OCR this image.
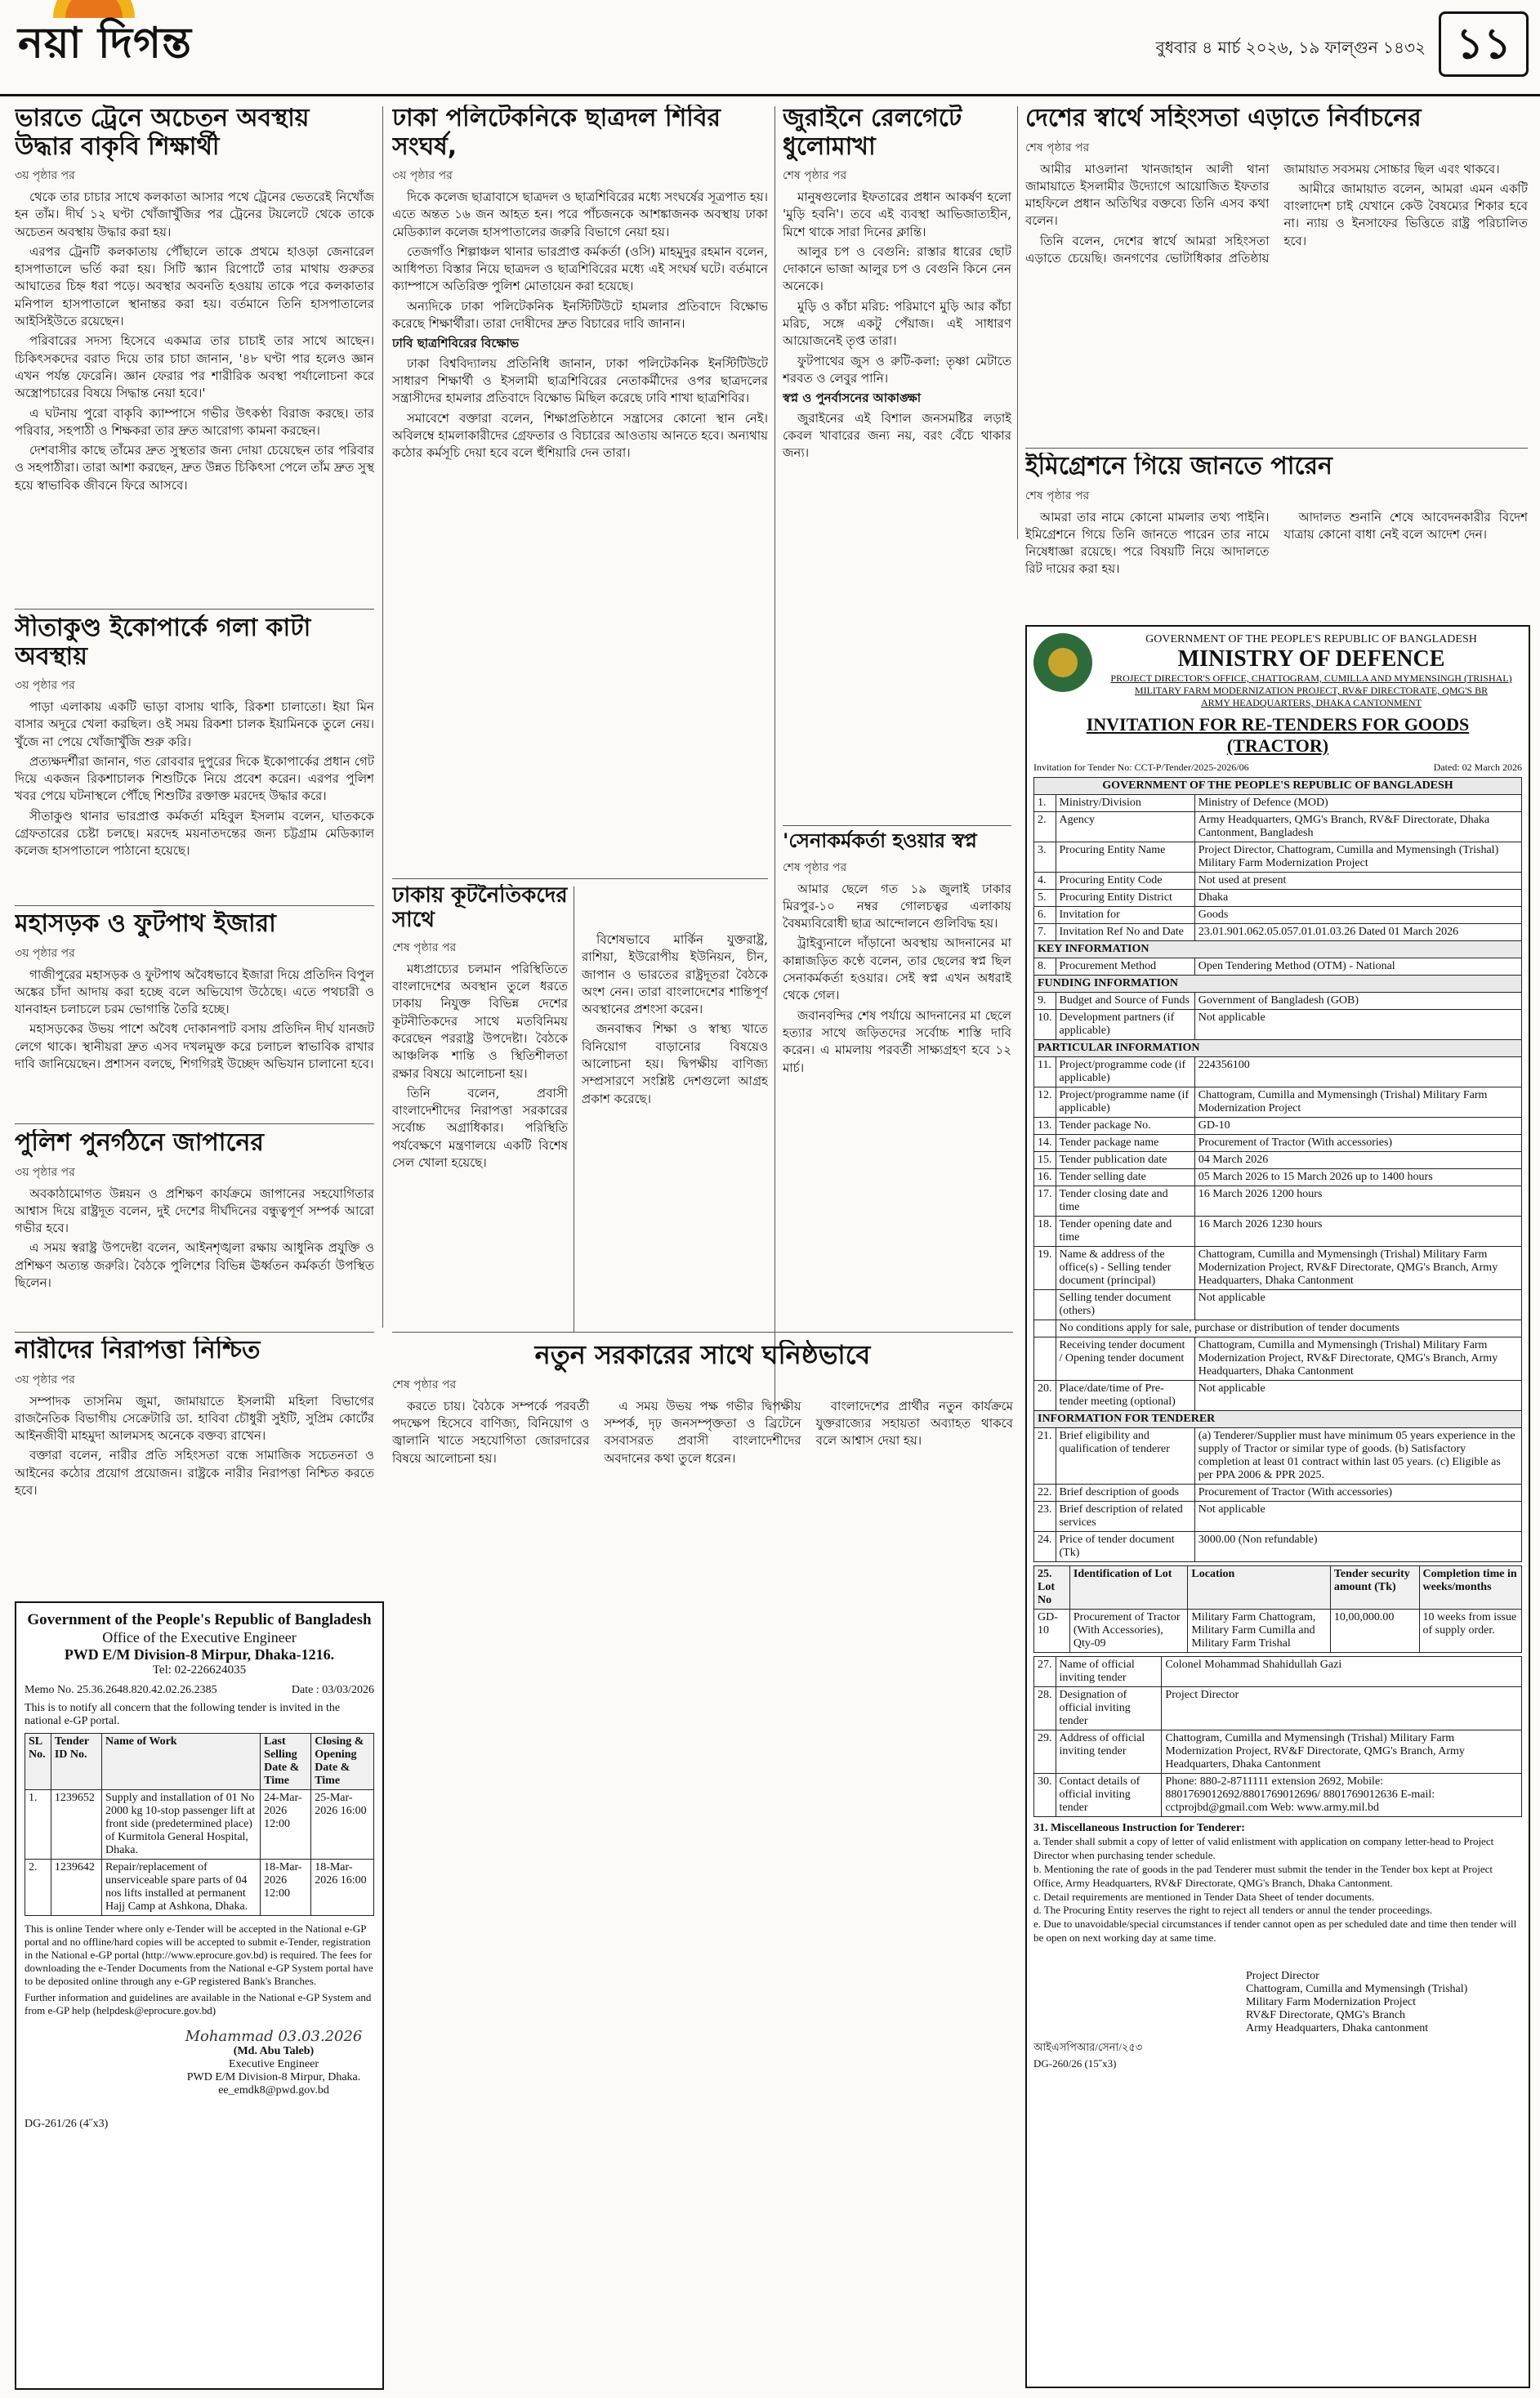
নয়া দিগন্ত	বুধবার ৪ মার্চ ২০২৬, ১৯ ফাল্গুন ১৪৩২ ১১
ভারতে ট্রেনে অচেতন অবস্থায় উদ্ধার বাকৃবি শিক্ষার্থী
৩য় পৃষ্ঠার পর

থেকে তার চাচার সাথে কলকাতা আসার পথে ট্রেনের ভেতরেই নিখোঁজ হন তাঁম। দীর্ঘ ১২ ঘণ্টা খোঁজাখুঁজির পর ট্রেনের টয়লেটে থেকে তাকে অচেতন অবস্থায় উদ্ধার করা হয়।

এরপর ট্রেনটি কলকাতায় পৌঁছালে তাকে প্রথমে হাওড়া জেনারেল হাসপাতালে ভর্তি করা হয়। সিটি স্ক্যান রিপোর্টে তার মাথায় গুরুতর আঘাতের চিহ্ন ধরা পড়ে। অবস্থার অবনতি হওয়ায় তাকে পরে কলকাতার মনিপাল হাসপাতালে স্থানান্তর করা হয়। বর্তমানে তিনি হাসপাতালের আইসিইউতে রয়েছেন।

পরিবারের সদস্য হিসেবে একমাত্র তার চাচাই তার সাথে আছেন। চিকিৎসকদের বরাত দিয়ে তার চাচা জানান, '৪৮ ঘণ্টা পার হলেও জ্ঞান এখন পর্যন্ত ফেরেনি। জ্ঞান ফেরার পর শারীরিক অবস্থা পর্যালোচনা করে অস্ত্রোপচারের বিষয়ে সিদ্ধান্ত নেয়া হবে।'

এ ঘটনায় পুরো বাকৃবি ক্যাম্পাসে গভীর উৎকণ্ঠা বিরাজ করছে। তার পরিবার, সহপাঠী ও শিক্ষকরা তার দ্রুত আরোগ্য কামনা করছেন।

দেশবাসীর কাছে তাঁমের দ্রুত সুস্থতার জন্য দোয়া চেয়েছেন তার পরিবার ও সহপাঠীরা। তারা আশা করছেন, দ্রুত উন্নত চিকিৎসা পেলে তাঁম দ্রুত সুস্থ হয়ে স্বাভাবিক জীবনে ফিরে আসবে।

সীতাকুণ্ড ইকোপার্কে গলা কাটা অবস্থায়
৩য় পৃষ্ঠার পর

পাড়া এলাকায় একটি ভাড়া বাসায় থাকি, রিকশা চালাতো। ইয়া মিন বাসার অদূরে খেলা করছিল। ওই সময় রিকশা চালক ইয়ামিনকে তুলে নেয়। খুঁজে না পেয়ে খোঁজাখুঁজি শুরু করি।

প্রত্যক্ষদর্শীরা জানান, গত রোববার দুপুরের দিকে ইকোপার্কের প্রধান গেট দিয়ে একজন রিকশাচালক শিশুটিকে নিয়ে প্রবেশ করেন। এরপর পুলিশ খবর পেয়ে ঘটনাস্থলে পৌঁছে শিশুটির রক্তাক্ত মরদেহ উদ্ধার করে।

সীতাকুণ্ড থানার ভারপ্রাপ্ত কর্মকর্তা মহিবুল ইসলাম বলেন, ঘাতককে গ্রেফতারের চেষ্টা চলছে। মরদেহ ময়নাতদন্তের জন্য চট্টগ্রাম মেডিক্যাল কলেজ হাসপাতালে পাঠানো হয়েছে।

মহাসড়ক ও ফুটপাথ ইজারা
৩য় পৃষ্ঠার পর

গাজীপুরের মহাসড়ক ও ফুটপাথ অবৈধভাবে ইজারা দিয়ে প্রতিদিন বিপুল অঙ্কের চাঁদা আদায় করা হচ্ছে বলে অভিযোগ উঠেছে। এতে পথচারী ও যানবাহন চলাচলে চরম ভোগান্তি তৈরি হচ্ছে।

মহাসড়কের উভয় পাশে অবৈধ দোকানপাট বসায় প্রতিদিন দীর্ঘ যানজট লেগে থাকে। স্থানীয়রা দ্রুত এসব দখলমুক্ত করে চলাচল স্বাভাবিক রাখার দাবি জানিয়েছেন। প্রশাসন বলছে, শিগগিরই উচ্ছেদ অভিযান চালানো হবে।

পুলিশ পুনর্গঠনে জাপানের
৩য় পৃষ্ঠার পর

অবকাঠামোগত উন্নয়ন ও প্রশিক্ষণ কার্যক্রমে জাপানের সহযোগিতার আশ্বাস দিয়ে রাষ্ট্রদূত বলেন, দুই দেশের দীর্ঘদিনের বন্ধুত্বপূর্ণ সম্পর্ক আরো গভীর হবে।

এ সময় স্বরাষ্ট্র উপদেষ্টা বলেন, আইনশৃঙ্খলা রক্ষায় আধুনিক প্রযুক্তি ও প্রশিক্ষণ অত্যন্ত জরুরি। বৈঠকে পুলিশের বিভিন্ন ঊর্ধ্বতন কর্মকর্তা উপস্থিত ছিলেন।

ঢাকা পলিটেকনিকে ছাত্রদল শিবির সংঘর্ষ,
৩য় পৃষ্ঠার পর

দিকে কলেজ ছাত্রাবাসে ছাত্রদল ও ছাত্রশিবিরের মধ্যে সংঘর্ষের সূত্রপাত হয়। এতে অন্তত ১৬ জন আহত হন। পরে পাঁচজনকে আশঙ্কাজনক অবস্থায় ঢাকা মেডিক্যাল কলেজ হাসপাতালের জরুরি বিভাগে নেয়া হয়।

তেজগাঁও শিল্পাঞ্চল থানার ভারপ্রাপ্ত কর্মকর্তা (ওসি) মাহমুদুর রহমান বলেন, আধিপত্য বিস্তার নিয়ে ছাত্রদল ও ছাত্রশিবিরের মধ্যে এই সংঘর্ষ ঘটে। বর্তমানে ক্যাম্পাসে অতিরিক্ত পুলিশ মোতায়েন করা হয়েছে।

অন্যদিকে ঢাকা পলিটেকনিক ইনস্টিটিউটে হামলার প্রতিবাদে বিক্ষোভ করেছে শিক্ষার্থীরা। তারা দোষীদের দ্রুত বিচারের দাবি জানান।

ঢাবি ছাত্রশিবিরের বিক্ষোভ

ঢাকা বিশ্ববিদ্যালয় প্রতিনিধি জানান, ঢাকা পলিটেকনিক ইনস্টিটিউটে সাধারণ শিক্ষার্থী ও ইসলামী ছাত্রশিবিরের নেতাকর্মীদের ওপর ছাত্রদলের সন্ত্রাসীদের হামলার প্রতিবাদে বিক্ষোভ মিছিল করেছে ঢাবি শাখা ছাত্রশিবির।

সমাবেশে বক্তারা বলেন, শিক্ষাপ্রতিষ্ঠানে সন্ত্রাসের কোনো স্থান নেই। অবিলম্বে হামলাকারীদের গ্রেফতার ও বিচারের আওতায় আনতে হবে। অন্যথায় কঠোর কর্মসূচি দেয়া হবে বলে হুঁশিয়ারি দেন তারা।

ঢাকায় কূটনৈতিকদের সাথে
শেষ পৃষ্ঠার পর

মধ্যপ্রাচ্যের চলমান পরিস্থিতিতে বাংলাদেশের অবস্থান তুলে ধরতে ঢাকায় নিযুক্ত বিভিন্ন দেশের কূটনীতিকদের সাথে মতবিনিময় করেছেন পররাষ্ট্র উপদেষ্টা। বৈঠকে আঞ্চলিক শান্তি ও স্থিতিশীলতা রক্ষার বিষয়ে আলোচনা হয়।

তিনি বলেন, প্রবাসী বাংলাদেশীদের নিরাপত্তা সরকারের সর্বোচ্চ অগ্রাধিকার। পরিস্থিতি পর্যবেক্ষণে মন্ত্রণালয়ে একটি বিশেষ সেল খোলা হয়েছে।

বিশেষভাবে মার্কিন যুক্তরাষ্ট্র, রাশিয়া, ইউরোপীয় ইউনিয়ন, চীন, জাপান ও ভারতের রাষ্ট্রদূতরা বৈঠকে অংশ নেন। তারা বাংলাদেশের শান্তিপূর্ণ অবস্থানের প্রশংসা করেন।

জনবান্ধব শিক্ষা ও স্বাস্থ্য খাতে বিনিয়োগ বাড়ানোর বিষয়েও আলোচনা হয়। দ্বিপক্ষীয় বাণিজ্য সম্প্রসারণে সংশ্লিষ্ট দেশগুলো আগ্রহ প্রকাশ করেছে।

জুরাইনে রেলগেটে ধুলোমাখা
শেষ পৃষ্ঠার পর

মানুষগুলোর ইফতারের প্রধান আকর্ষণ হলো 'মুড়ি হবনি'। তবে এই ব্যবস্থা আভিজাত্যহীন, মিশে থাকে সারা দিনের ক্লান্তি।

আলুর চপ ও বেগুনি: রাস্তার ধারের ছোট দোকানে ভাজা আলুর চপ ও বেগুনি কিনে নেন অনেকে।

মুড়ি ও কাঁচা মরিচ: পরিমাণে মুড়ি আর কাঁচা মরিচ, সঙ্গে একটু পেঁয়াজ। এই সাধারণ আয়োজনেই তৃপ্ত তারা।

ফুটপাথের জুস ও রুটি-কলা: তৃষ্ণা মেটাতে শরবত ও লেবুর পানি।

স্বপ্ন ও পুনর্বাসনের আকাঙ্ক্ষা

জুরাইনের এই বিশাল জনসমষ্টির লড়াই কেবল খাবারের জন্য নয়, বরং বেঁচে থাকার জন্য।

'সেনাকর্মকর্তা হওয়ার স্বপ্ন
শেষ পৃষ্ঠার পর

আমার ছেলে গত ১৯ জুলাই ঢাকার মিরপুর-১০ নম্বর গোলচত্বর এলাকায় বৈষম্যবিরোধী ছাত্র আন্দোলনে গুলিবিদ্ধ হয়।

ট্রাইব্যুনালে দাঁড়ানো অবস্থায় আদনানের মা কান্নাজড়িত কণ্ঠে বলেন, তার ছেলের স্বপ্ন ছিল সেনাকর্মকর্তা হওয়ার। সেই স্বপ্ন এখন অধরাই থেকে গেল।

জবানবন্দির শেষ পর্যায়ে আদনানের মা ছেলে হত্যার সাথে জড়িতদের সর্বোচ্চ শাস্তি দাবি করেন। এ মামলায় পরবর্তী সাক্ষ্যগ্রহণ হবে ১২ মার্চ।

দেশের স্বার্থে সহিংসতা এড়াতে নির্বাচনের
শেষ পৃষ্ঠার পর

আমীর মাওলানা খানজাহান আলী থানা জামায়াতে ইসলামীর উদ্যোগে আয়োজিত ইফতার মাহফিলে প্রধান অতিথির বক্তব্যে তিনি এসব কথা বলেন।

তিনি বলেন, দেশের স্বার্থে আমরা সহিংসতা এড়াতে চেয়েছি। জনগণের ভোটাধিকার প্রতিষ্ঠায় জামায়াত সবসময় সোচ্চার ছিল এবং থাকবে।

আমীরে জামায়াত বলেন, আমরা এমন একটি বাংলাদেশ চাই যেখানে কেউ বৈষম্যের শিকার হবে না। ন্যায় ও ইনসাফের ভিত্তিতে রাষ্ট্র পরিচালিত হবে।

ইমিগ্রেশনে গিয়ে জানতে পারেন
শেষ পৃষ্ঠার পর

আমরা তার নামে কোনো মামলার তথ্য পাইনি। ইমিগ্রেশনে গিয়ে তিনি জানতে পারেন তার নামে নিষেধাজ্ঞা রয়েছে। পরে বিষয়টি নিয়ে আদালতে রিট দায়ের করা হয়।

আদালত শুনানি শেষে আবেদনকারীর বিদেশ যাত্রায় কোনো বাধা নেই বলে আদেশ দেন।

নারীদের নিরাপত্তা নিশ্চিত
৩য় পৃষ্ঠার পর

সম্পাদক তাসনিম জুমা, জামায়াতে ইসলামী মহিলা বিভাগের রাজনৈতিক বিভাগীয় সেক্রেটারি ডা. হাবিবা চৌধুরী সুইটি, সুপ্রিম কোর্টের আইনজীবী মাহমুদা আলমসহ অনেকে বক্তব্য রাখেন।

বক্তারা বলেন, নারীর প্রতি সহিংসতা বন্ধে সামাজিক সচেতনতা ও আইনের কঠোর প্রয়োগ প্রয়োজন। রাষ্ট্রকে নারীর নিরাপত্তা নিশ্চিত করতে হবে।

নতুন সরকারের সাথে ঘনিষ্ঠভাবে
শেষ পৃষ্ঠার পর

করতে চায়। বৈঠকে সম্পর্কে পরবর্তী পদক্ষেপ হিসেবে বাণিজ্য, বিনিয়োগ ও জ্বালানি খাতে সহযোগিতা জোরদারের বিষয়ে আলোচনা হয়।

এ সময় উভয় পক্ষ গভীর দ্বিপক্ষীয় সম্পর্ক, দৃঢ় জনসম্পৃক্ততা ও ব্রিটেনে বসবাসরত প্রবাসী বাংলাদেশীদের অবদানের কথা তুলে ধরেন।

বাংলাদেশের প্রার্থীর নতুন কার্যক্রমে যুক্তরাজ্যের সহায়তা অব্যাহত থাকবে বলে আশ্বাস দেয়া হয়।

Government of the People's Republic of Bangladesh
Office of the Executive Engineer
PWD E/M Division-8 Mirpur, Dhaka-1216.
Tel: 02-226624035
Memo No. 25.36.2648.820.42.02.26.2385	Date : 03/03/2026
This is to notify all concern that the following tender is invited in the national e-GP portal.
SL No.	Tender ID No.	Name of Work	Last Selling Date & Time	Closing & Opening Date & Time
1.	1239652	Supply and installation of 01 No 2000 kg 10-stop passenger lift at front side (predetermined place) of Kurmitola General Hospital, Dhaka.	24-Mar-2026 12:00	25-Mar-2026 16:00
2.	1239642	Repair/replacement of unserviceable spare parts of 04 nos lifts installed at permanent Hajj Camp at Ashkona, Dhaka.	18-Mar-2026 12:00	18-Mar-2026 16:00
This is online Tender where only e-Tender will be accepted in the National e-GP portal and no offline/hard copies will be accepted to submit e-Tender, registration in the National e-GP portal (http://www.eprocure.gov.bd) is required. The fees for downloading the e-Tender Documents from the National e-GP System portal have to be deposited online through any e-GP registered Bank's Branches.
Further information and guidelines are available in the National e-GP System and from e-GP help (helpdesk@eprocure.gov.bd)
Mohammad 03.03.2026
(Md. Abu Taleb)
Executive Engineer
PWD E/M Division-8 Mirpur, Dhaka.
ee_emdk8@pwd.gov.bd
DG-261/26 (4˝x3)
GOVERNMENT OF THE PEOPLE'S REPUBLIC OF BANGLADESH
MINISTRY OF DEFENCE
PROJECT DIRECTOR'S OFFICE, CHATTOGRAM, CUMILLA AND MYMENSINGH (TRISHAL)
MILITARY FARM MODERNIZATION PROJECT, RV&F DIRECTORATE, QMG'S BR
ARMY HEADQUARTERS, DHAKA CANTONMENT
INVITATION FOR RE-TENDERS FOR GOODS (TRACTOR)
Invitation for Tender No: CCT-P/Tender/2025-2026/06	Dated: 02 March 2026
GOVERNMENT OF THE PEOPLE'S REPUBLIC OF BANGLADESH		
1.	Ministry/Division	Ministry of Defence (MOD)
2.	Agency	Army Headquarters, QMG's Branch, RV&F Directorate, Dhaka Cantonment, Bangladesh
3.	Procuring Entity Name	Project Director, Chattogram, Cumilla and Mymensingh (Trishal) Military Farm Modernization Project
4.	Procuring Entity Code	Not used at present
5.	Procuring Entity District	Dhaka
6.	Invitation for	Goods
7.	Invitation Ref No and Date	23.01.901.062.05.057.01.01.03.26 Dated 01 March 2026
KEY INFORMATION		
8.	Procurement Method	Open Tendering Method (OTM) - National
FUNDING INFORMATION		
9.	Budget and Source of Funds	Government of Bangladesh (GOB)
10.	Development partners (if applicable)	Not applicable
PARTICULAR INFORMATION		
11.	Project/programme code (if applicable)	224356100
12.	Project/programme name (if applicable)	Chattogram, Cumilla and Mymensingh (Trishal) Military Farm Modernization Project
13.	Tender package No.	GD-10
14.	Tender package name	Procurement of Tractor (With accessories)
15.	Tender publication date	04 March 2026
16.	Tender selling date	05 March 2026 to 15 March 2026 up to 1400 hours
17.	Tender closing date and time	16 March 2026 1200 hours
18.	Tender opening date and time	16 March 2026 1230 hours
19.	Name & address of the office(s) - Selling tender document (principal)	Chattogram, Cumilla and Mymensingh (Trishal) Military Farm Modernization Project, RV&F Directorate, QMG's Branch, Army Headquarters, Dhaka Cantonment
	Selling tender document (others)	Not applicable
	No conditions apply for sale, purchase or distribution of tender documents	
	Receiving tender document / Opening tender document	Chattogram, Cumilla and Mymensingh (Trishal) Military Farm Modernization Project, RV&F Directorate, QMG's Branch, Army Headquarters, Dhaka Cantonment
20.	Place/date/time of Pre-tender meeting (optional)	Not applicable
INFORMATION FOR TENDERER		
21.	Brief eligibility and qualification of tenderer	(a) Tenderer/Supplier must have minimum 05 years experience in the supply of Tractor or similar type of goods. (b) Satisfactory completion at least 01 contract within last 05 years. (c) Eligible as per PPA 2006 & PPR 2025.
22.	Brief description of goods	Procurement of Tractor (With accessories)
23.	Brief description of related services	Not applicable
24.	Price of tender document (Tk)	3000.00 (Non refundable)
25. Lot No	Identification of Lot	Location	Tender security amount (Tk)	Completion time in weeks/months
GD-10	Procurement of Tractor (With Accessories), Qty-09	Military Farm Chattogram, Military Farm Cumilla and Military Farm Trishal	10,00,000.00	10 weeks from issue of supply order.
27.	Name of official inviting tender	Colonel Mohammad Shahidullah Gazi
28.	Designation of official inviting tender	Project Director
29.	Address of official inviting tender	Chattogram, Cumilla and Mymensingh (Trishal) Military Farm Modernization Project, RV&F Directorate, QMG's Branch, Army Headquarters, Dhaka Cantonment
30.	Contact details of official inviting tender	Phone: 880-2-8711111 extension 2692, Mobile: 8801769012692/8801769012696/ 8801769012636 E-mail: cctprojbd@gmail.com Web: www.army.mil.bd
31. Miscellaneous Instruction for Tenderer:
a. Tender shall submit a copy of letter of valid enlistment with application on company letter-head to Project Director when purchasing tender schedule.
b. Mentioning the rate of goods in the pad Tenderer must submit the tender in the Tender box kept at Project Office, Army Headquarters, RV&F Directorate, QMG's Branch, Dhaka Cantonment.
c. Detail requirements are mentioned in Tender Data Sheet of tender documents.
d. The Procuring Entity reserves the right to reject all tenders or annul the tender proceedings.
e. Due to unavoidable/special circumstances if tender cannot open as per scheduled date and time then tender will be open on next working day at same time.
Project Director
Chattogram, Cumilla and Mymensingh (Trishal)
Military Farm Modernization Project
RV&F Directorate, QMG's Branch
Army Headquarters, Dhaka cantonment
আইএসপিআর/সেনা/২৫৩
DG-260/26 (15˝x3)
